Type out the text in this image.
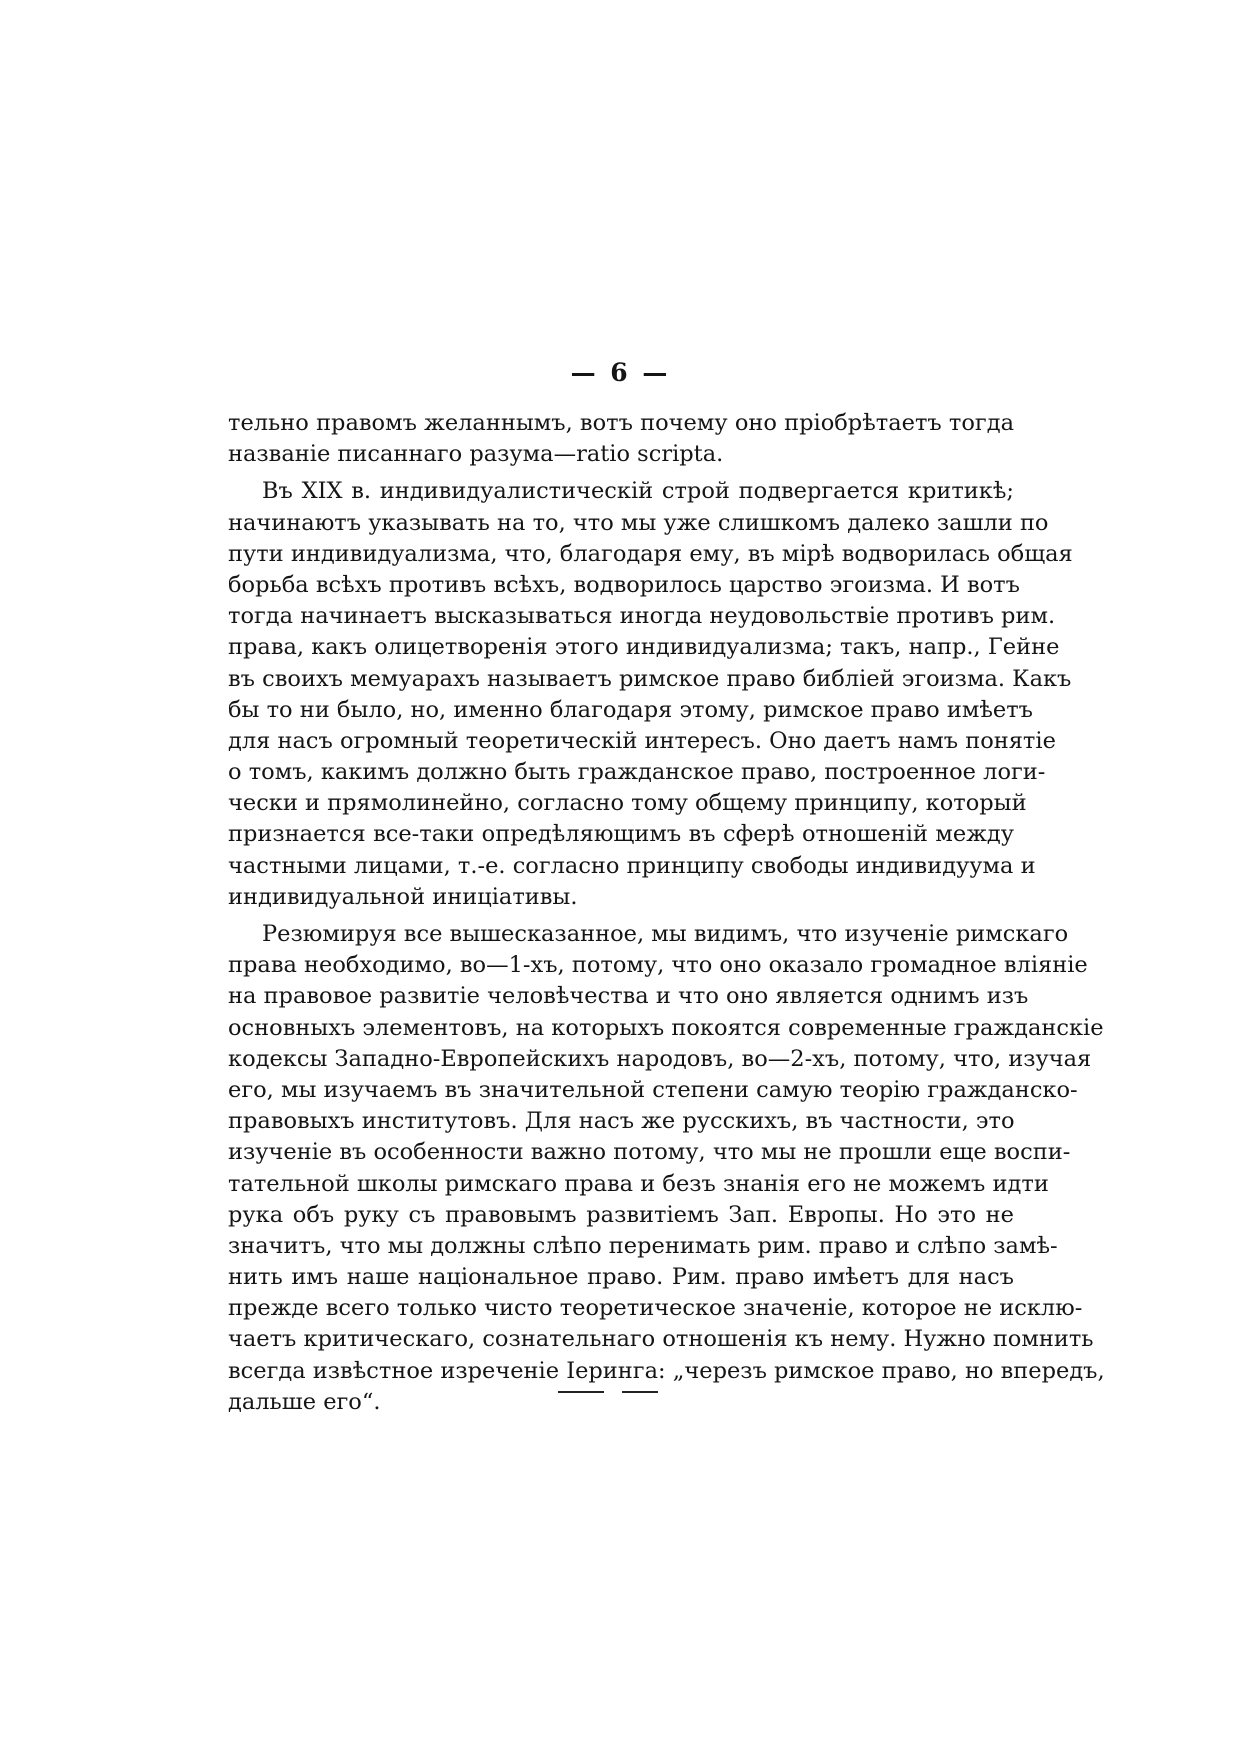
— 6 —
тельно правомъ желаннымъ, вотъ почему оно пріобрѣтаетъ тогда
названіе писаннаго разума—ratio scripta.
Въ XIX в. индивидуалистическій строй подвергается критикѣ;
начинаютъ указывать на то, что мы уже слишкомъ далеко зашли по
пути индивидуализма, что, благодаря ему, въ мірѣ водворилась общая
борьба всѣхъ противъ всѣхъ, водворилось царство эгоизма. И вотъ
тогда начинаетъ высказываться иногда неудовольствіе противъ рим.
права, какъ олицетворенія этого индивидуализма; такъ, напр., Гейне
въ своихъ мемуарахъ называетъ римское право библіей эгоизма. Какъ
бы то ни было, но, именно благодаря этому, римское право имѣетъ
для насъ огромный теоретическій интересъ. Оно даетъ намъ понятіе
о томъ, какимъ должно быть гражданское право, построенное логи-
чески и прямолинейно, согласно тому общему принципу, который
признается все-таки опредѣляющимъ въ сферѣ отношеній между
частными лицами, т.-е. согласно принципу свободы индивидуума и
индивидуальной иниціативы.
Резюмируя все вышесказанное, мы видимъ, что изученіе римскаго
права необходимо, во—1-хъ, потому, что оно оказало громадное вліяніе
на правовое развитіе человѣчества и что оно является однимъ изъ
основныхъ элементовъ, на которыхъ покоятся современные гражданскіе
кодексы Западно-Европейскихъ народовъ, во—2-хъ, потому, что, изучая
его, мы изучаемъ въ значительной степени самую теорію гражданско-
правовыхъ институтовъ. Для насъ же русскихъ, въ частности, это
изученіе въ особенности важно потому, что мы не прошли еще воспи-
тательной школы римскаго права и безъ знанія его не можемъ идти
рука объ руку съ правовымъ развитіемъ Зап. Европы. Но это не
значитъ, что мы должны слѣпо перенимать рим. право и слѣпо замѣ-
нить имъ наше національное право. Рим. право имѣетъ для насъ
прежде всего только чисто теоретическое значеніе, которое не исклю-
чаетъ критическаго, сознательнаго отношенія къ нему. Нужно помнить
всегда извѣстное изреченіе Іеринга: „черезъ римское право, но впередъ,
дальше его“.
